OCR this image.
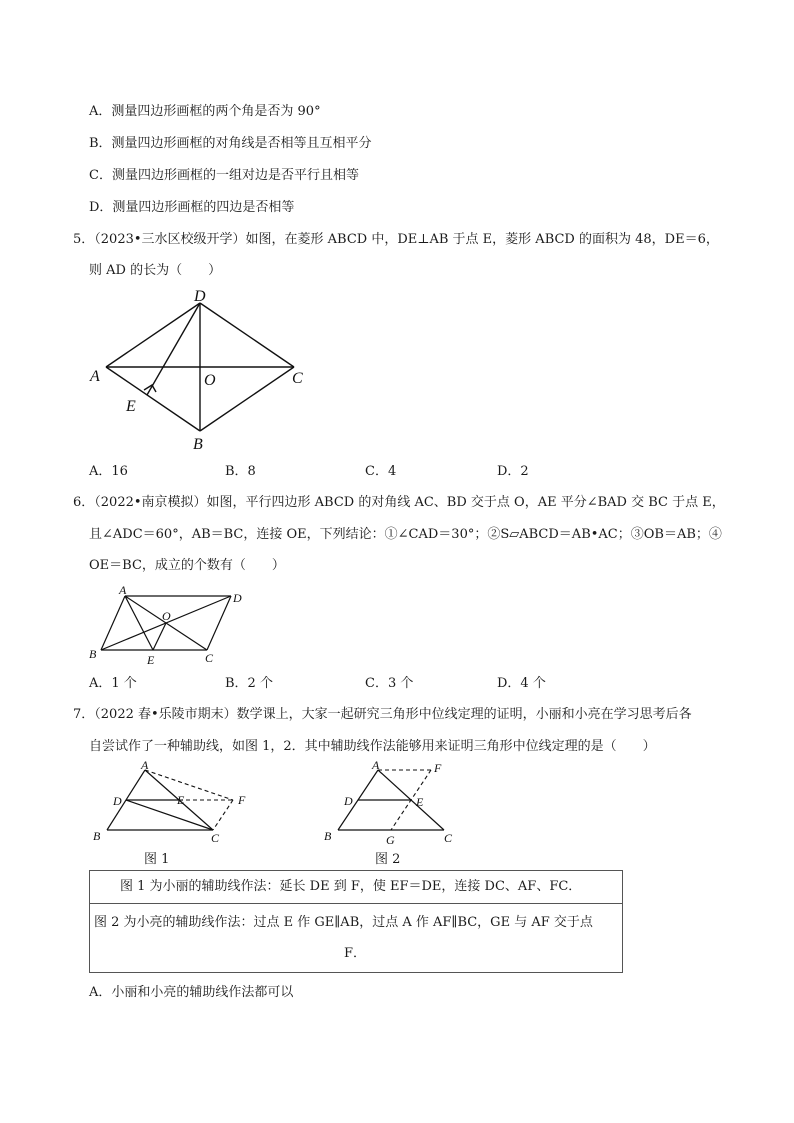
A．测量四边形画框的两个角是否为 90°
B．测量四边形画框的对角线是否相等且互相平分
C．测量四边形画框的一组对边是否平行且相等
D．测量四边形画框的四边是否相等
5．（2023•三水区校级开学）如图，在菱形 ABCD 中，DE⊥AB 于点 E，菱形 ABCD 的面积为 48，DE＝6，
则 AD 的长为（　　）
D
A	O	C
E
B
A．16	B．8	C．4	D．2
6．（2022•南京模拟）如图，平行四边形 ABCD 的对角线 AC、BD 交于点 O，AE 平分∠BAD 交 BC 于点 E，
且∠ADC＝60°，AB＝BC，连接 OE，下列结论：①∠CAD＝30°；②S▱ABCD＝AB•AC；③OB＝AB；④
OE＝BC，成立的个数有（　　）
A
D
O
B	E	C
A．1 个	B．2 个	C．3 个	D．4 个
7．（2022 春•乐陵市期末）数学课上，大家一起研究三角形中位线定理的证明，小丽和小亮在学习思考后各
自尝试作了一种辅助线，如图 1，2．其中辅助线作法能够用来证明三角形中位线定理的是（　　）
A
D	E	F
B	C
图 1
A	F
D	E
B	G	C
图 2
图 1 为小丽的辅助线作法：延长 DE 到 F，使 EF＝DE，连接 DC、AF、FC．
图 2 为小亮的辅助线作法：过点 E 作 GE∥AB，过点 A 作 AF∥BC，GE 与 AF 交于点
F．
A．小丽和小亮的辅助线作法都可以
